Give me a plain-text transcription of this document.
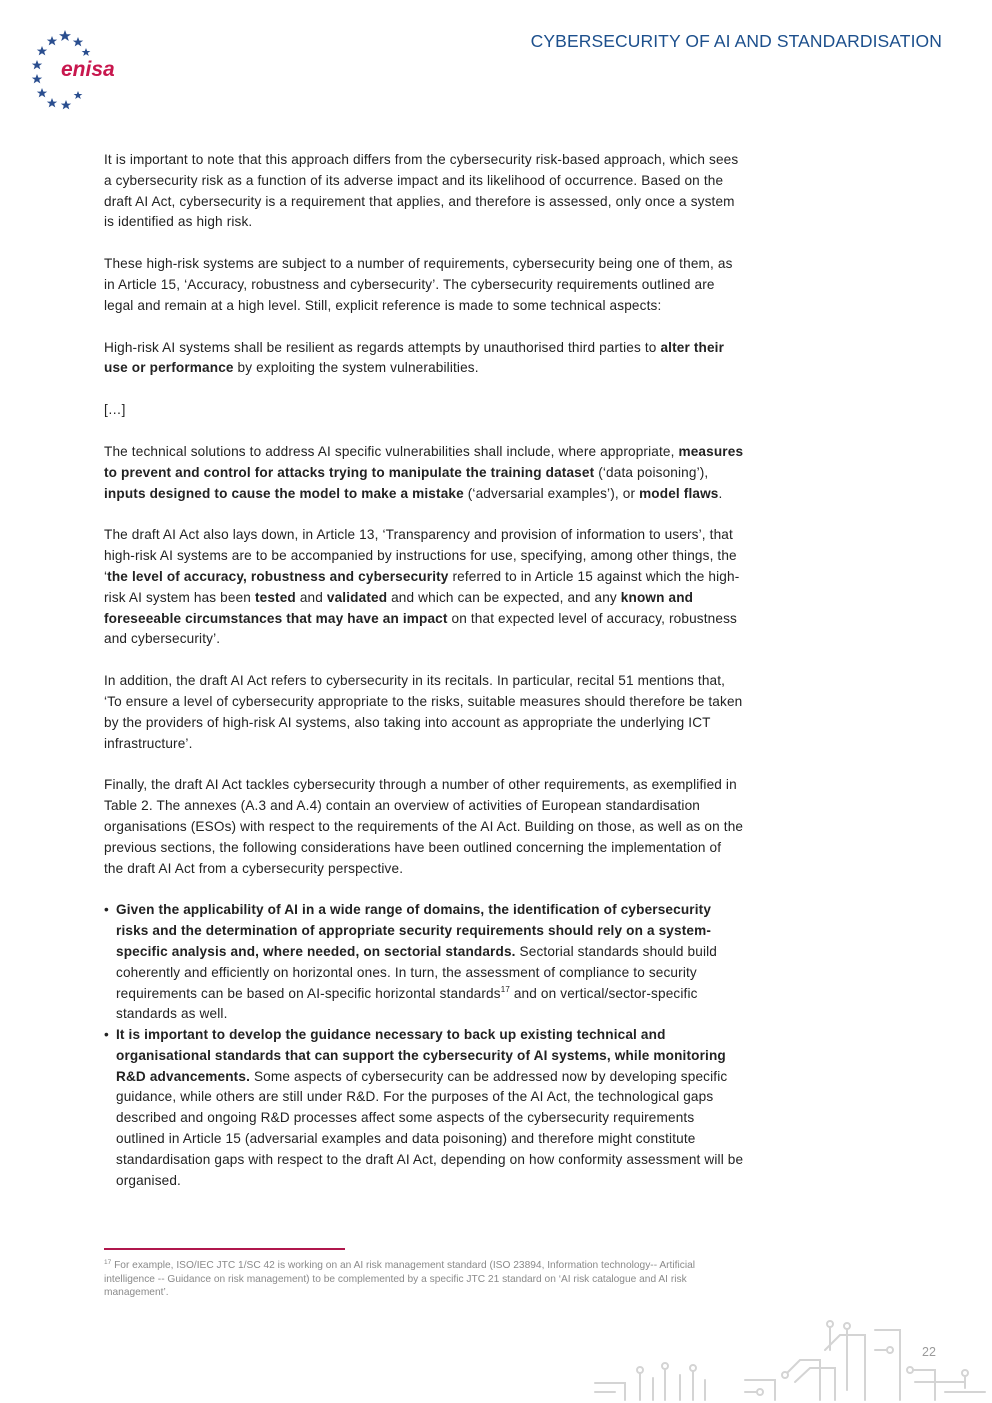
enisa
CYBERSECURITY OF AI AND STANDARDISATION

It is important to note that this approach differs from the cybersecurity risk-based approach, which sees a cybersecurity risk as a function of its adverse impact and its likelihood of occurrence. Based on the draft AI Act, cybersecurity is a requirement that applies, and therefore is assessed, only once a system is identified as high risk.

These high-risk systems are subject to a number of requirements, cybersecurity being one of them, as in Article 15, ‘Accuracy, robustness and cybersecurity’. The cybersecurity requirements outlined are legal and remain at a high level. Still, explicit reference is made to some technical aspects:

High-risk AI systems shall be resilient as regards attempts by unauthorised third parties to alter their use or performance by exploiting the system vulnerabilities.

[…]

The technical solutions to address AI specific vulnerabilities shall include, where appropriate, measures to prevent and control for attacks trying to manipulate the training dataset (‘data poisoning’), inputs designed to cause the model to make a mistake (‘adversarial examples’), or model flaws.

The draft AI Act also lays down, in Article 13, ‘Transparency and provision of information to users’, that high-risk AI systems are to be accompanied by instructions for use, specifying, among other things, the ‘the level of accuracy, robustness and cybersecurity referred to in Article 15 against which the high-risk AI system has been tested and validated and which can be expected, and any known and foreseeable circumstances that may have an impact on that expected level of accuracy, robustness and cybersecurity’.

In addition, the draft AI Act refers to cybersecurity in its recitals. In particular, recital 51 mentions that, ‘To ensure a level of cybersecurity appropriate to the risks, suitable measures should therefore be taken by the providers of high-risk AI systems, also taking into account as appropriate the underlying ICT infrastructure’.

Finally, the draft AI Act tackles cybersecurity through a number of other requirements, as exemplified in Table 2. The annexes (A.3 and A.4) contain an overview of activities of European standardisation organisations (ESOs) with respect to the requirements of the AI Act. Building on those, as well as on the previous sections, the following considerations have been outlined concerning the implementation of the draft AI Act from a cybersecurity perspective.

• Given the applicability of AI in a wide range of domains, the identification of cybersecurity risks and the determination of appropriate security requirements should rely on a system-specific analysis and, where needed, on sectorial standards. Sectorial standards should build coherently and efficiently on horizontal ones. In turn, the assessment of compliance to security requirements can be based on AI-specific horizontal standards$^{17}$ and on vertical/sector-specific standards as well.
• It is important to develop the guidance necessary to back up existing technical and organisational standards that can support the cybersecurity of AI systems, while monitoring R&D advancements. Some aspects of cybersecurity can be addressed now by developing specific guidance, while others are still under R&D. For the purposes of the AI Act, the technological gaps described and ongoing R&D processes affect some aspects of the cybersecurity requirements outlined in Article 15 (adversarial examples and data poisoning) and therefore might constitute standardisation gaps with respect to the draft AI Act, depending on how conformity assessment will be organised.
$^{17}$ For example, ISO/IEC JTC 1/SC 42 is working on an AI risk management standard (ISO 23894, Information technology-- Artificial intelligence -- Guidance on risk management) to be complemented by a specific JTC 21 standard on ‘AI risk catalogue and AI risk management’.
22
